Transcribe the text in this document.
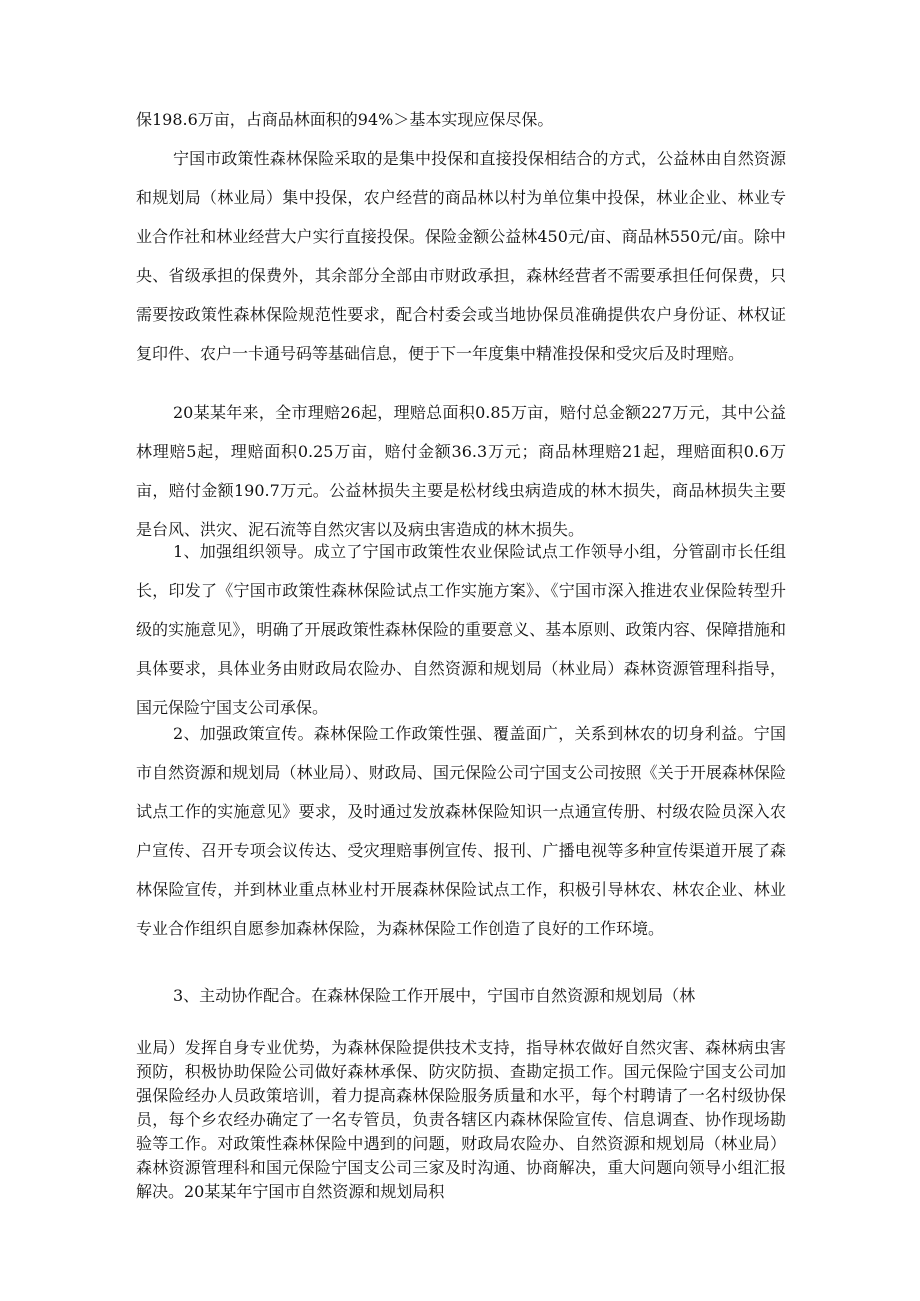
保198.6万亩，占商品林面积的94%＞基本实现应保尽保。

宁国市政策性森林保险采取的是集中投保和直接投保相结合的方式，公益林由自然资源和规划局（林业局）集中投保，农户经营的商品林以村为单位集中投保，林业企业、林业专业合作社和林业经营大户实行直接投保。保险金额公益林450元/亩、商品林550元/亩。除中央、省级承担的保费外，其余部分全部由市财政承担，森林经营者不需要承担任何保费，只需要按政策性森林保险规范性要求，配合村委会或当地协保员准确提供农户身份证、林权证复印件、农户一卡通号码等基础信息，便于下一年度集中精准投保和受灾后及时理赔。

20某某年来，全市理赔26起，理赔总面积0.85万亩，赔付总金额227万元，其中公益林理赔5起，理赔面积0.25万亩，赔付金额36.3万元；商品林理赔21起，理赔面积0.6万亩，赔付金额190.7万元。公益林损失主要是松材线虫病造成的林木损失，商品林损失主要是台风、洪灾、泥石流等自然灾害以及病虫害造成的林木损失。

1、加强组织领导。成立了宁国市政策性农业保险试点工作领导小组，分管副市长任组长，印发了《宁国市政策性森林保险试点工作实施方案》、《宁国市深入推进农业保险转型升级的实施意见》，明确了开展政策性森林保险的重要意义、基本原则、政策内容、保障措施和具体要求，具体业务由财政局农险办、自然资源和规划局（林业局）森林资源管理科指导，国元保险宁国支公司承保。

2、加强政策宣传。森林保险工作政策性强、覆盖面广，关系到林农的切身利益。宁国市自然资源和规划局（林业局）、财政局、国元保险公司宁国支公司按照《关于开展森林保险试点工作的实施意见》要求，及时通过发放森林保险知识一点通宣传册、村级农险员深入农户宣传、召开专项会议传达、受灾理赔事例宣传、报刊、广播电视等多种宣传渠道开展了森林保险宣传，并到林业重点林业村开展森林保险试点工作，积极引导林农、林农企业、林业专业合作组织自愿参加森林保险，为森林保险工作创造了良好的工作环境。

3、主动协作配合。在森林保险工作开展中，宁国市自然资源和规划局（林

业局）发挥自身专业优势，为森林保险提供技术支持，指导林农做好自然灾害、森林病虫害预防，积极协助保险公司做好森林承保、防灾防损、查勘定损工作。国元保险宁国支公司加强保险经办人员政策培训，着力提高森林保险服务质量和水平，每个村聘请了一名村级协保员，每个乡农经办确定了一名专管员，负责各辖区内森林保险宣传、信息调查、协作现场勘验等工作。对政策性森林保险中遇到的问题，财政局农险办、自然资源和规划局（林业局）森林资源管理科和国元保险宁国支公司三家及时沟通、协商解决，重大问题向领导小组汇报解决。20某某年宁国市自然资源和规划局积
